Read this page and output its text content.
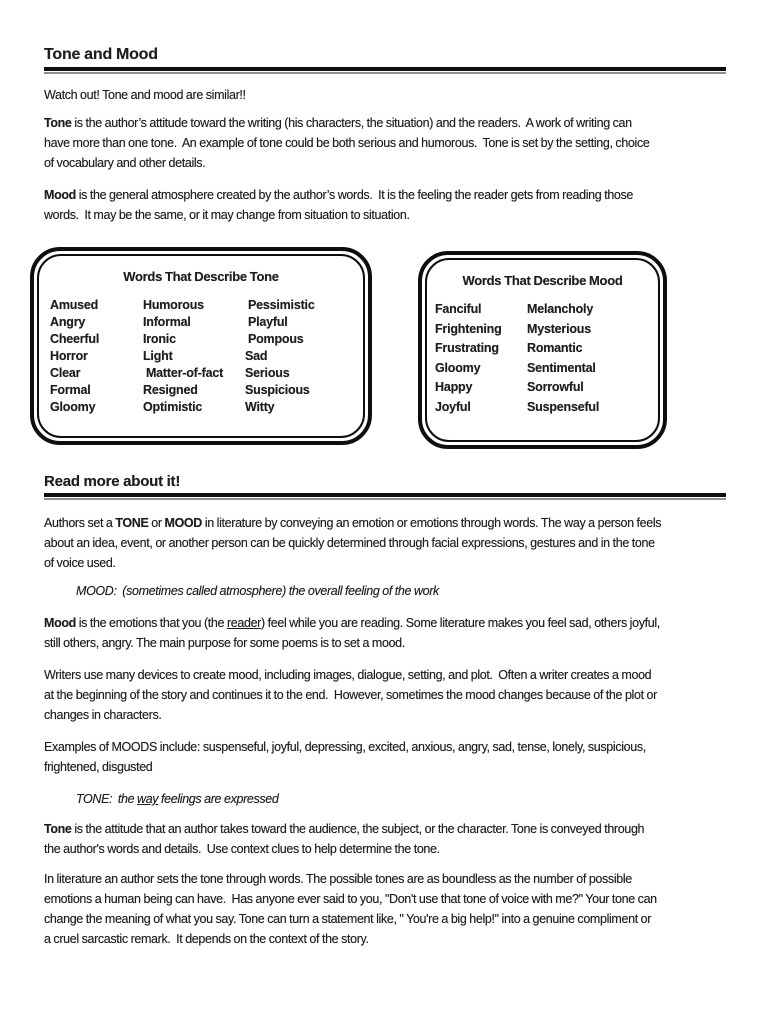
Tone and Mood
Watch out! Tone and mood are similar!!
Tone is the author’s attitude toward the writing (his characters, the situation) and the readers.  A work of writing can
have more than one tone.  An example of tone could be both serious and humorous.  Tone is set by the setting, choice
of vocabulary and other details.
Mood is the general atmosphere created by the author’s words.  It is the feeling the reader gets from reading those
words.  It may be the same, or it may change from situation to situation.
Words That Describe Tone
Amused
Angry
Cheerful
Horror
Clear
Formal
Gloomy
Humorous
Informal
Ironic
Light
Matter-of-fact
Resigned
Optimistic
Pessimistic
Playful
Pompous
Sad
Serious
Suspicious
Witty
Words That Describe Mood
Fanciful
Frightening
Frustrating
Gloomy
Happy
Joyful
Melancholy
Mysterious
Romantic
Sentimental
Sorrowful
Suspenseful
Read more about it!
Authors set a TONE or MOOD in literature by conveying an emotion or emotions through words. The way a person feels
about an idea, event, or another person can be quickly determined through facial expressions, gestures and in the tone
of voice used.
MOOD:  (sometimes called atmosphere) the overall feeling of the work
Mood is the emotions that you (the reader) feel while you are reading. Some literature makes you feel sad, others joyful,
still others, angry. The main purpose for some poems is to set a mood.
Writers use many devices to create mood, including images, dialogue, setting, and plot.  Often a writer creates a mood
at the beginning of the story and continues it to the end.  However, sometimes the mood changes because of the plot or
changes in characters.
Examples of MOODS include: suspenseful, joyful, depressing, excited, anxious, angry, sad, tense, lonely, suspicious,
frightened, disgusted
TONE:  the way feelings are expressed
Tone is the attitude that an author takes toward the audience, the subject, or the character. Tone is conveyed through
the author's words and details.  Use context clues to help determine the tone.
In literature an author sets the tone through words. The possible tones are as boundless as the number of possible
emotions a human being can have.  Has anyone ever said to you, "Don't use that tone of voice with me?" Your tone can
change the meaning of what you say. Tone can turn a statement like, " You're a big help!" into a genuine compliment or
a cruel sarcastic remark.  It depends on the context of the story.
